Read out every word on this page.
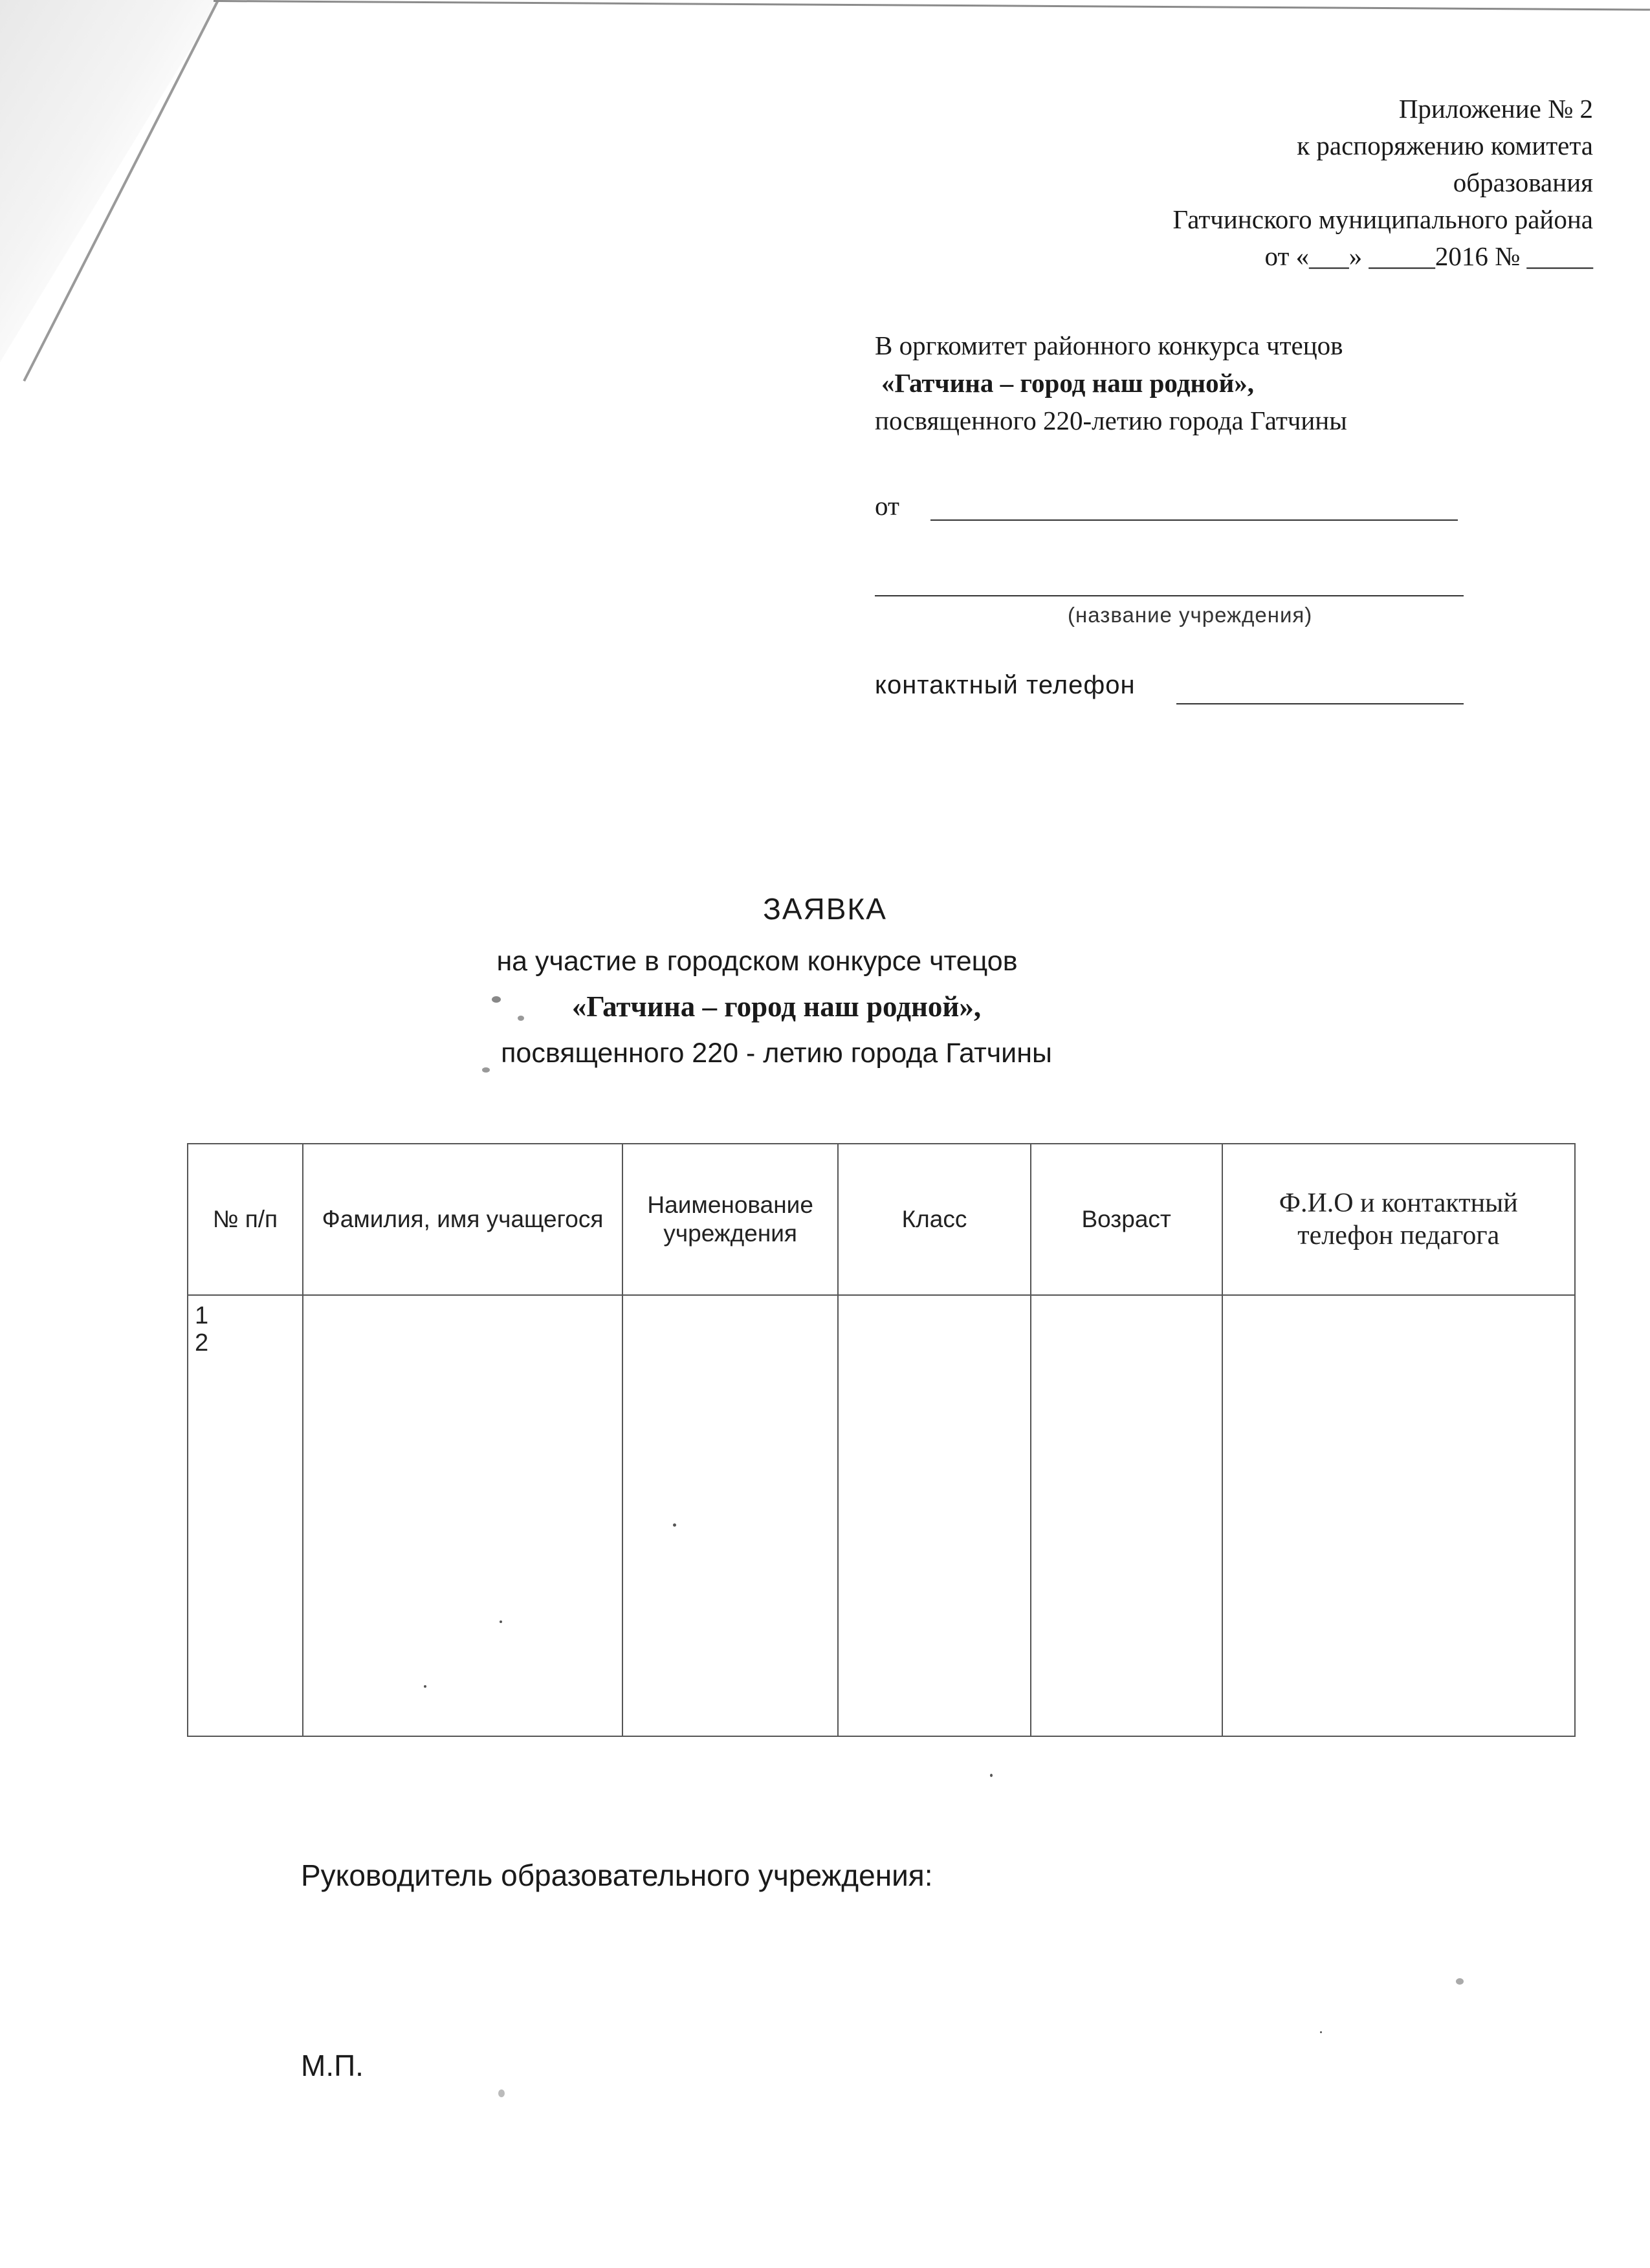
Приложение № 2
к распоряжению комитета
образования
Гатчинского муниципального района
от «___» _____2016 № _____
В оргкомитет районного конкурса чтецов
«Гатчина – город наш родной»,
посвященного 220-летию города Гатчины
от
(название учреждения)
контактный телефон
ЗАЯВКА
на участие в городском конкурсе чтецов
«Гатчина – город наш родной»,
посвященного 220 - летию города Гатчины
№ п/п	Фамилия, имя учащегося	Наименование учреждения	Класс	Возраст	Ф.И.О и контактный телефон педагога

1
2					

Руководитель образовательного учреждения:
М.П.
